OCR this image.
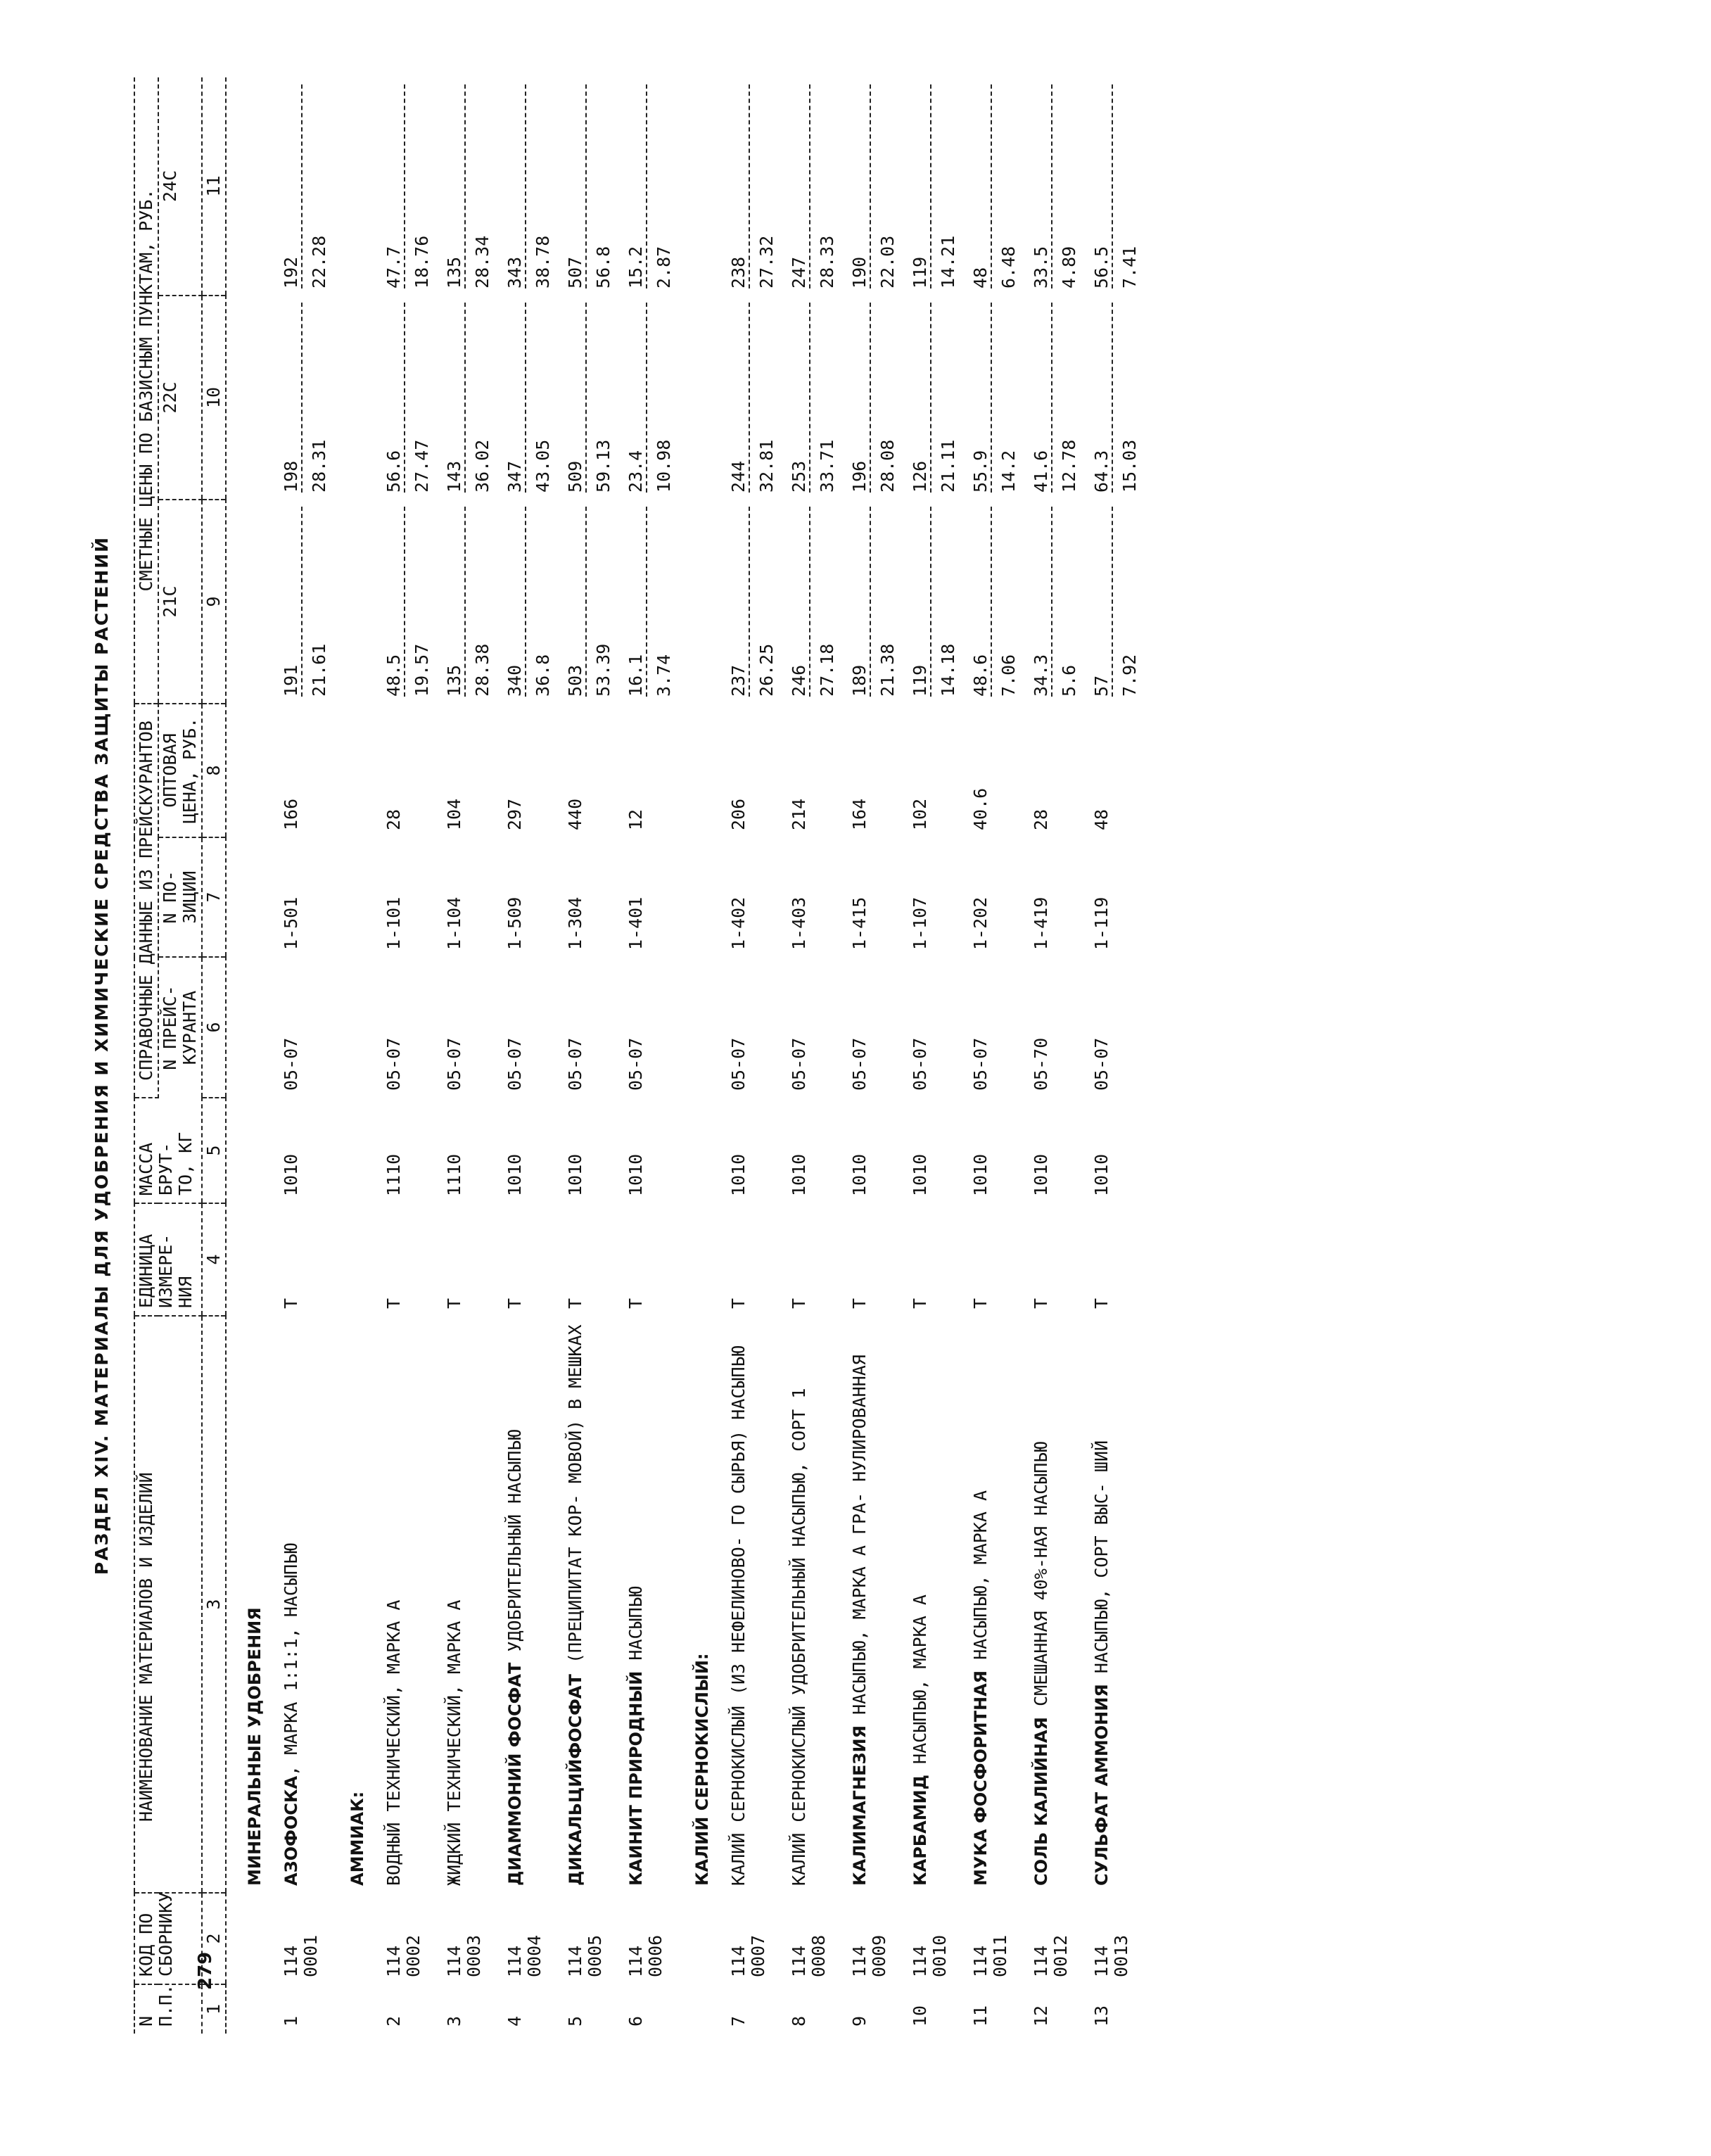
РАЗДЕЛ XIV. МАТЕРИАЛЫ ДЛЯ УДОБРЕНИЯ И ХИМИЧЕСКИЕ СРЕДСТВА ЗАЩИТЫ РАСТЕНИЙ
N П.П.	КОД ПО СБОРНИКУ	НАИМЕНОВАНИЕ МАТЕРИАЛОВ И ИЗДЕЛИЙ	ЕДИНИЦА ИЗМЕРЕ- НИЯ	МАССА БРУТ- ТО, КГ	СПРАВОЧНЫЕ ДАННЫЕ ИЗ ПРЕЙСКУРАНТОВ			СМЕТНЫЕ ЦЕНЫ ПО БАЗИСНЫМ ПУНКТАМ, РУБ.		
					N ПРЕЙС- КУРАНТА	N ПО- ЗИЦИИ	ОПТОВАЯ ЦЕНА, РУБ.	21С	22С	24С
1	2	3	4	5	6	7	8	9	10	11
		МИНЕРАЛЬНЫЕ УДОБРЕНИЯ								
1	114 0001	АЗОФОСКА, МАРКА 1:1:1, НАСЫПЬЮ	Т	1010	05-07	1-501	166	191 21.61	198 28.31	192 22.28

		АММИАК:								
2	114 0002	ВОДНЫЙ ТЕХНИЧЕСКИЙ, МАРКА А	Т	1110	05-07	1-101	28	48.5 19.57	56.6 27.47	47.7 18.76

3	114 0003	ЖИДКИЙ ТЕХНИЧЕСКИЙ, МАРКА А	Т	1110	05-07	1-104	104	135 28.38	143 36.02	135 28.34

4	114 0004	ДИАММОНИЙ ФОСФАТ УДОБРИТЕЛЬНЫЙ НАСЫПЬЮ	Т	1010	05-07	1-509	297	340 36.8	347 43.05	343 38.78

5	114 0005	ДИКАЛЬЦИЙФОСФАТ (ПРЕЦИПИТАТ КОР- МОВОЙ) В МЕШКАХ	Т	1010	05-07	1-304	440	503 53.39	509 59.13	507 56.8

6	114 0006	КАИНИТ ПРИРОДНЫЙ НАСЫПЬЮ	Т	1010	05-07	1-401	12	16.1 3.74	23.4 10.98	15.2 2.87

		КАЛИЙ СЕРНОКИСЛЫЙ:								
7	114 0007	КАЛИЙ СЕРНОКИСЛЫЙ (ИЗ НЕФЕЛИНОВО- ГО СЫРЬЯ) НАСЫПЬЮ	Т	1010	05-07	1-402	206	237 26.25	244 32.81	238 27.32

8	114 0008	КАЛИЙ СЕРНОКИСЛЫЙ УДОБРИТЕЛЬНЫЙ НАСЫПЬЮ, СОРТ 1	Т	1010	05-07	1-403	214	246 27.18	253 33.71	247 28.33

9	114 0009	КАЛИМАГНЕЗИЯ НАСЫПЬЮ, МАРКА А ГРА- НУЛИРОВАННАЯ	Т	1010	05-07	1-415	164	189 21.38	196 28.08	190 22.03

10	114 0010	КАРБАМИД НАСЫПЬЮ, МАРКА А	Т	1010	05-07	1-107	102	119 14.18	126 21.11	119 14.21

11	114 0011	МУКА ФОСФОРИТНАЯ НАСЫПЬЮ, МАРКА А	Т	1010	05-07	1-202	40.6	48.6 7.06	55.9 14.2	48 6.48

12	114 0012	СОЛЬ КАЛИЙНАЯ СМЕШАННАЯ 40%-НАЯ НАСЫПЬЮ	Т	1010	05-70	1-419	28	34.3 5.6	41.6 12.78	33.5 4.89

13	114 0013	СУЛЬФАТ АММОНИЯ НАСЫПЬЮ, СОРТ ВЫС- ШИЙ	Т	1010	05-07	1-119	48	57 7.92	64.3 15.03	56.5 7.41
279
